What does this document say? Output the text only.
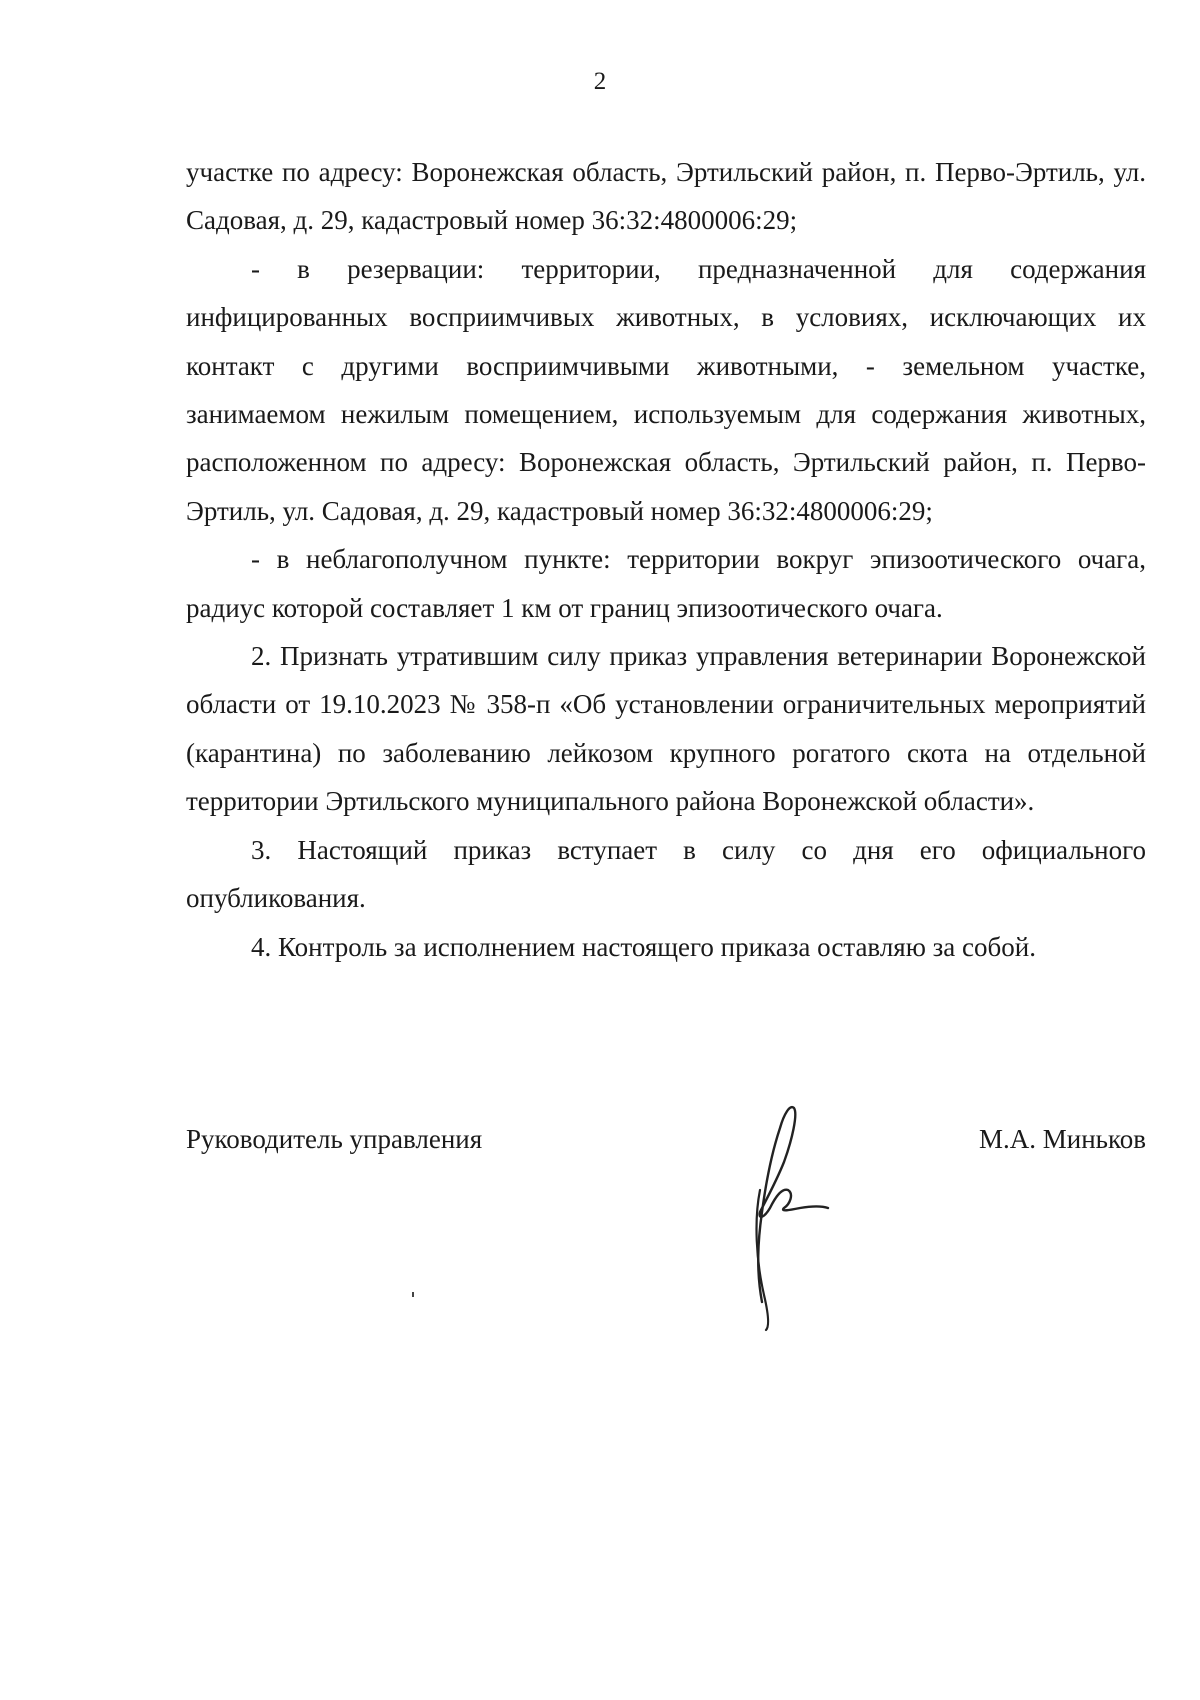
2

участке по адресу: Воронежская область, Эртильский район, п. Перво-Эртиль, ул. Садовая, д. 29, кадастровый номер 36:32:4800006:29;

- в резервации: территории, предназначенной для содержания инфицированных восприимчивых животных, в условиях, исключающих их контакт с другими восприимчивыми животными, - земельном участке, занимаемом нежилым помещением, используемым для содержания животных, расположенном по адресу: Воронежская область, Эртильский район, п. Перво-Эртиль, ул. Садовая, д. 29, кадастровый номер 36:32:4800006:29;

- в неблагополучном пункте: территории вокруг эпизоотического очага, радиус которой составляет 1 км от границ эпизоотического очага.

2. Признать утратившим силу приказ управления ветеринарии Воронежской области от 19.10.2023 № 358-п «Об установлении ограничительных мероприятий (карантина) по заболеванию лейкозом крупного рогатого скота на отдельной территории Эртильского муниципального района Воронежской области».

3. Настоящий приказ вступает в силу со дня его официального опубликования.

4. Контроль за исполнением настоящего приказа оставляю за собой.

Руководитель управления	М.А. Миньков
